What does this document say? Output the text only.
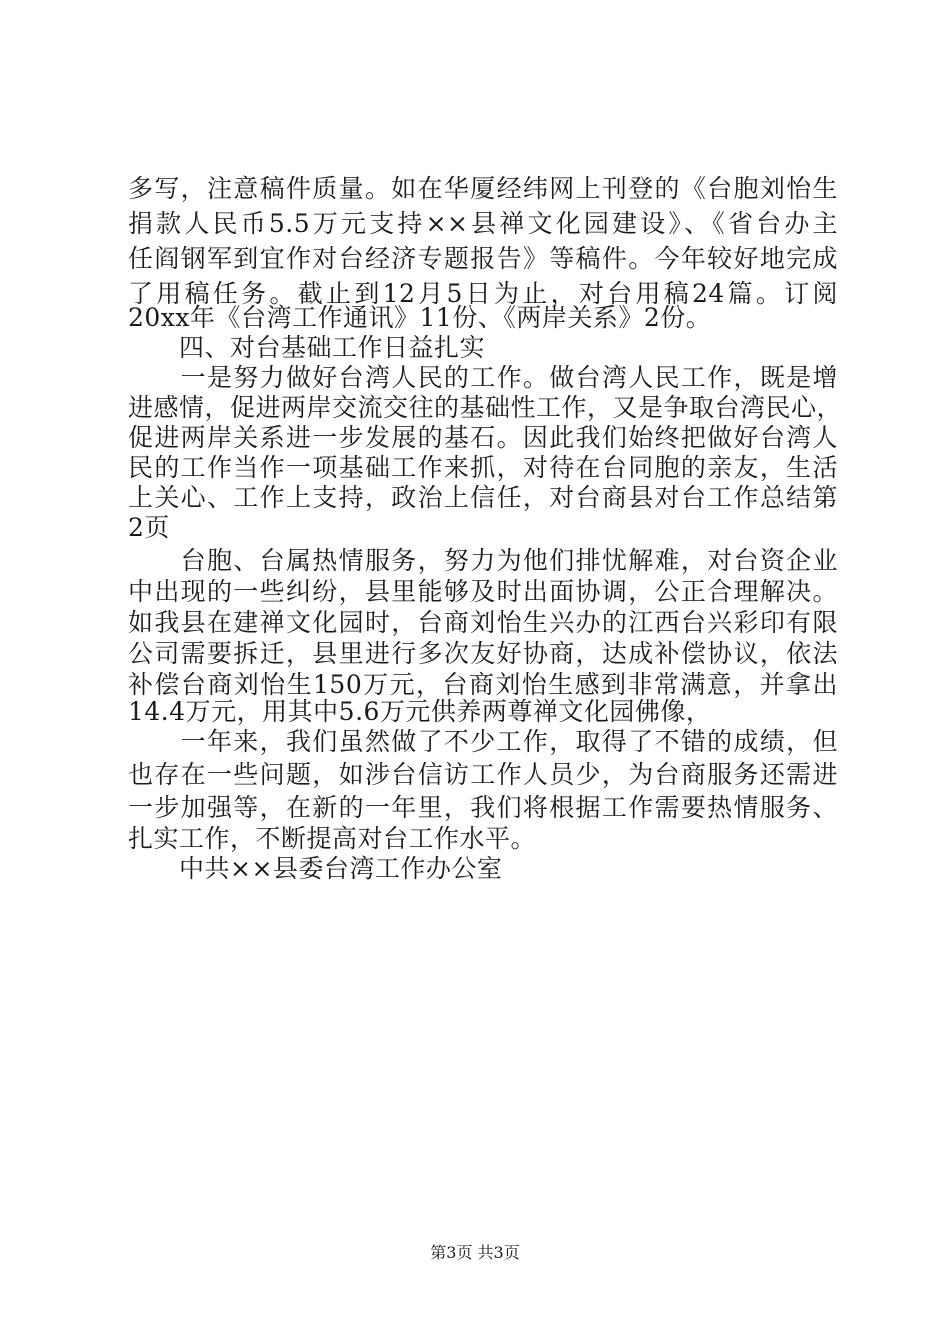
多写，注意稿件质量。如在华厦经纬网上刊登的《台胞刘怡生
捐款人民币5.5万元支持××县禅文化园建设》、《省台办主
任阎钢军到宜作对台经济专题报告》等稿件。今年较好地完成
了用稿任务。截止到12月5日为止，对台用稿24篇。订阅
20xx年《台湾工作通讯》11份、《两岸关系》2份。
　　四、对台基础工作日益扎实
　　一是努力做好台湾人民的工作。做台湾人民工作，既是增
进感情，促进两岸交流交往的基础性工作，又是争取台湾民心，
促进两岸关系进一步发展的基石。因此我们始终把做好台湾人
民的工作当作一项基础工作来抓，对待在台同胞的亲友，生活
上关心、工作上支持，政治上信任，对台商县对台工作总结第
2页
　　台胞、台属热情服务，努力为他们排忧解难，对台资企业
中出现的一些纠纷，县里能够及时出面协调，公正合理解决。
如我县在建禅文化园时，台商刘怡生兴办的江西台兴彩印有限
公司需要拆迁，县里进行多次友好协商，达成补偿协议，依法
补偿台商刘怡生150万元，台商刘怡生感到非常满意，并拿出
14.4万元，用其中5.6万元供养两尊禅文化园佛像，
　　一年来，我们虽然做了不少工作，取得了不错的成绩，但
也存在一些问题，如涉台信访工作人员少，为台商服务还需进
一步加强等，在新的一年里，我们将根据工作需要热情服务、
扎实工作，不断提高对台工作水平。
　　中共××县委台湾工作办公室
第3页 共3页
